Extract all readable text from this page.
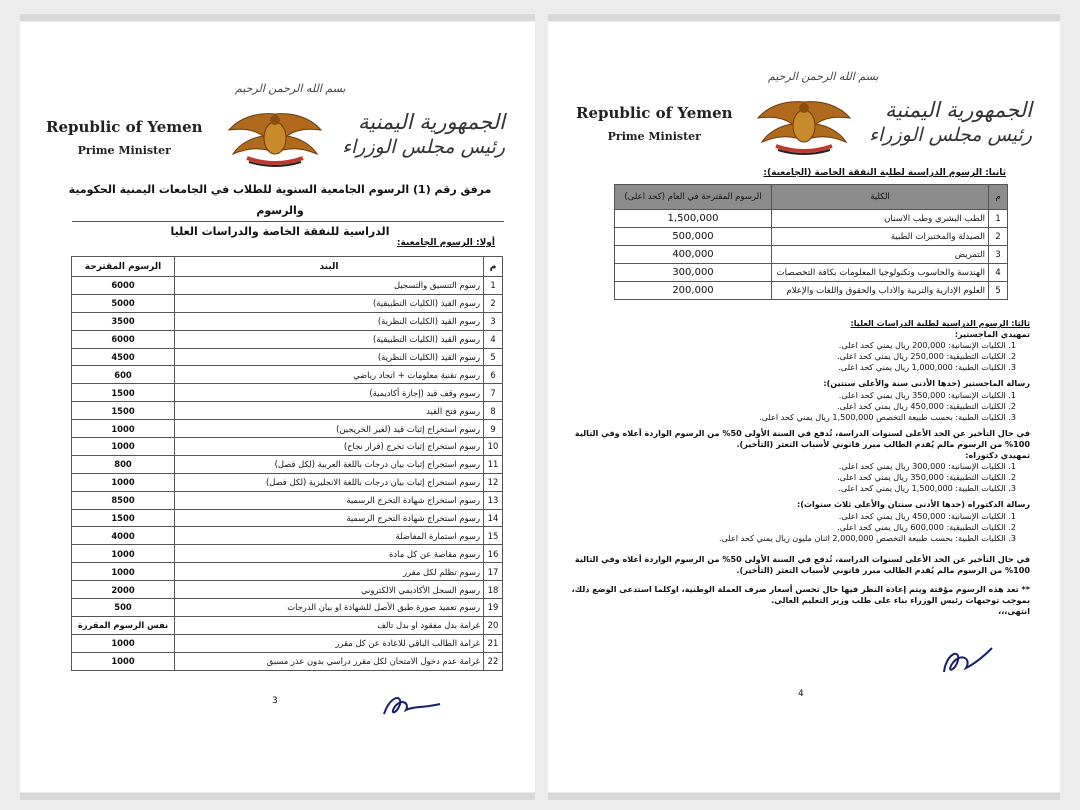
بسم الله الرحمن الرحيم
Republic of Yemen
Prime Minister
الجمهورية اليمنية
رئيس مجلس الوزراء
مرفق رقم (1) الرسوم الجامعية السنوية للطلاب في الجامعات اليمنية الحكومية والرسوم
الدراسية للنفقة الخاصة والدراسات العليا
أولا: الرسوم الجامعية:
م	البند	الرسوم المقترحة
1	رسوم التنسيق والتسجيل	6000
2	رسوم القيد (الكليات التطبيقية)	5000
3	رسوم القيد (الكليات النظرية)	3500
4	رسوم القيد (الكليات التطبيقية)	6000
5	رسوم القيد (الكليات النظرية)	4500
6	رسوم تقنية معلومات + اتحاد رياضي	600
7	رسوم وقف قيد (إجازة أكاديمية)	1500
8	رسوم فتح القيد	1500
9	رسوم استخراج إثبات قيد (لغير الخريجين)	1000
10	رسوم استخراج إثبات تخرج (قرار نجاح)	1000
11	رسوم استخراج إثبات بيان درجات باللغة العربية (لكل فصل)	800
12	رسوم استخراج إثبات بيان درجات باللغة الانجليزية (لكل فصل)	1000
13	رسوم استخراج شهادة التخرج الرسمية	8500
14	رسوم استخراج شهادة التخرج الرسمية	1500
15	رسوم استمارة المفاضلة	4000
16	رسوم مقاصة عن كل مادة	1000
17	رسوم تظلم لكل مقرر	1000
18	رسوم السجل الأكاديمي الالكتروني	2000
19	رسوم تعميد صورة طبق الأصل للشهادة او بيان الدرجات	500
20	غرامة بدل مفقود او بدل تالف	نفس الرسوم المقررة
21	غرامة الطالب الباقي للاعادة عن كل مقرر	1000
22	غرامة عدم دخول الامتحان لكل مقرر دراسي بدون عذر مسبق	1000
3
بسم الله الرحمن الرحيم
Republic of Yemen
Prime Minister
الجمهورية اليمنية
رئيس مجلس الوزراء
ثانيا: الرسوم الدراسية لطلبة النفقة الخاصة (الجامعية):
م	الكلية	الرسوم المقترحة في العام (كحد اعلى)
1	الطب البشري وطب الاسنان	1,500,000
2	الصيدلة والمختبرات الطبية	500,000
3	التمريض	400,000
4	الهندسة والحاسوب وتكنولوجيا المعلومات بكافة التخصصات	300,000
5	العلوم الإدارية والتربية والاداب والحقوق واللغات والإعلام	200,000
ثالثا: الرسوم الدراسية لطلبة الدراسات العليا:
تمهيدي الماجستير:
1. الكليات الإنسانية: 200,000 ريال يمني كحد اعلى.
2. الكليات التطبيقية: 250,000 ريال يمني كحد اعلى.
3. الكليات الطبية: 1,000,000 ريال يمني كحد اعلى.
رسالة الماجستير (حدها الأدنى سنة والأعلى سنتين):
1. الكليات الإنسانية: 350,000 ريال يمني كحد اعلى.
2. الكليات التطبيقية: 450,000 ريال يمني كحد اعلى.
3. الكليات الطبية: بحسب طبيعة التخصص 1,500,000 ريال يمني كحد اعلى.
في حال التأخير عن الحد الأعلى لسنوات الدراسة، تُدفع في السنة الأولى 50% من الرسوم الواردة أعلاه وفي التالية 100% من الرسوم مالم يُقدم الطالب مبرر قانوني لأسباب التعثر (التأخير).
تمهيدي دكتوراه:
1. الكليات الإنسانية: 300,000 ريال يمني كحد اعلى.
2. الكليات التطبيقية: 350,000 ريال يمني كحد اعلى.
3. الكليات الطبية: 1,500,000 ريال يمني كحد اعلى.
رسالة الدكتوراه (حدها الأدنى سنتان والأعلى ثلاث سنوات):
1. الكليات الإنسانية: 450,000 ريال يمني كحد اعلى.
2. الكليات التطبيقية: 600,000 ريال يمني كحد اعلى.
3. الكليات الطبية: بحسب طبيعة التخصص 2,000,000 اثنان مليون ريال يمني كحد اعلى.
في حال التأخير عن الحد الأعلى لسنوات الدراسة، تُدفع في السنة الأولى 50% من الرسوم الواردة أعلاه وفي التالية 100% من الرسوم مالم يُقدم الطالب مبرر قانوني لأسباب التعثر (التأخير).
** تعد هذه الرسوم مؤقتة ويتم إعادة النظر فيها حال تحسن أسعار صرف العملة الوطنية، اوكلما استدعى الوضع ذلك، بموجب توجيهات رئيس الوزراء بناء على طلب وزير التعليم العالي.
انتهى،،،
4
